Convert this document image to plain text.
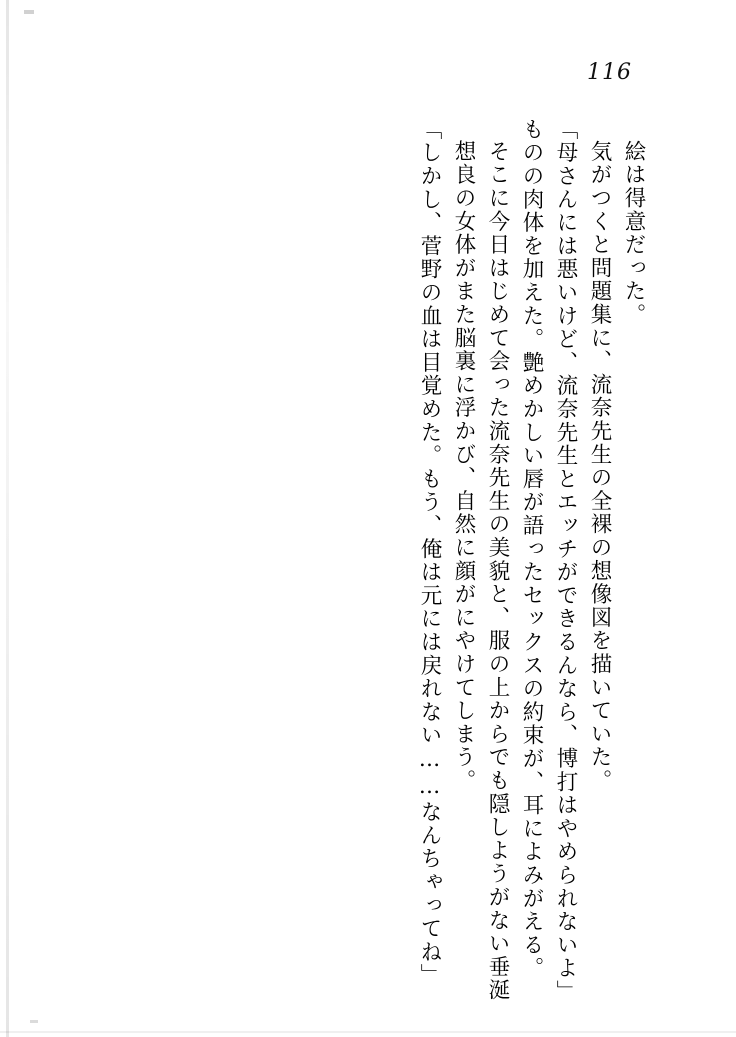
116
「しかし、菅野の血は目覚めた。もう、俺は元には戻れない……なんちゃってね」 想良の女体がまた脳裏に浮かび、自然に顔がにやけてしまう。 そこに今日はじめて会った流奈先生の美貌と、服の上からでも隠しようがない垂涎 ものの肉体を加えた。艶めかしい唇が語ったセックスの約束が、耳によみがえる。 「母さんには悪いけど、流奈先生とエッチができるんなら、博打はやめられないよ」 気がつくと問題集に、流奈先生の全裸の想像図を描いていた。 絵は得意だった。
